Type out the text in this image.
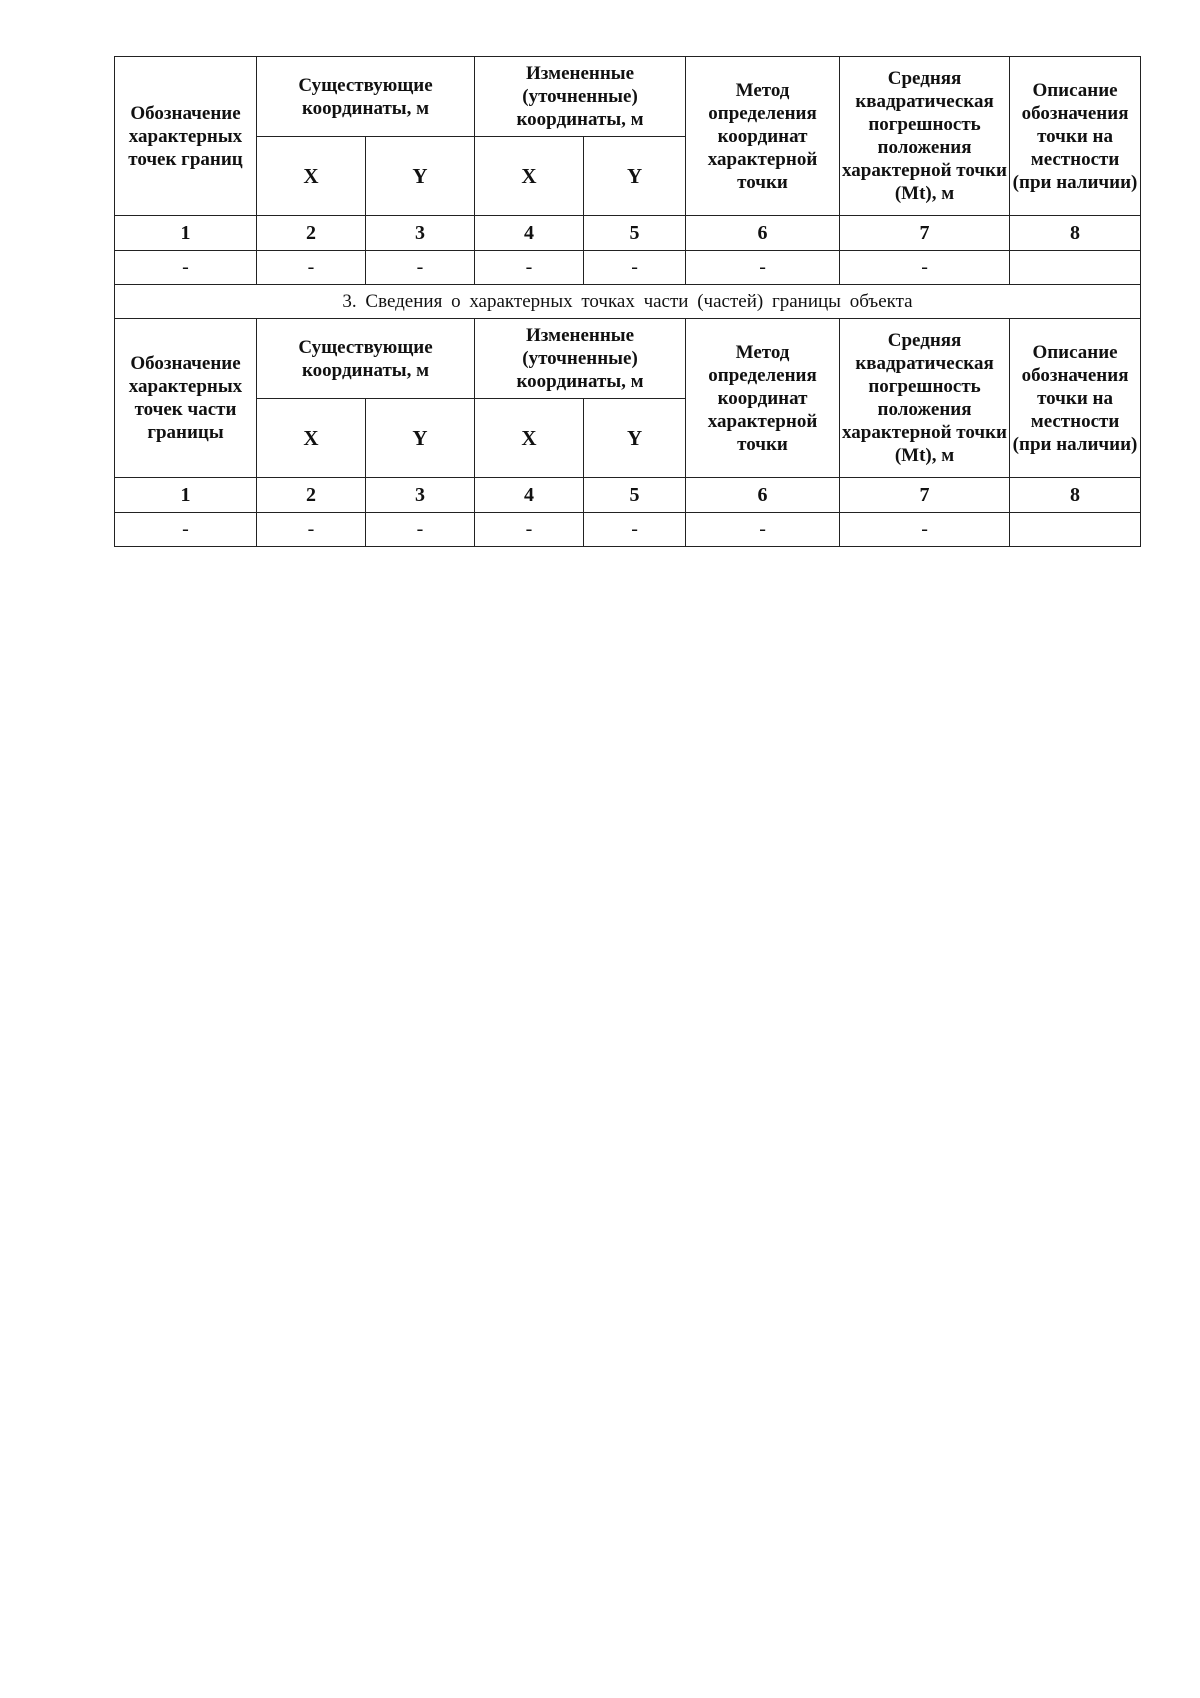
Обозначение характерных точек границ	Существующие координаты, м		Измененные (уточненные) координаты, м		Метод определения координат характерной точки	Средняя квадратическая погрешность положения характерной точки (Mt), м	Описание обозначения точки на местности (при наличии)
	X	Y	X	Y			
1	2	3	4	5	6	7	8
-	-	-	-	-	-	-	
3. Сведения о характерных точках части (частей) границы объекта							
Обозначение характерных точек части границы	Существующие координаты, м		Измененные (уточненные) координаты, м		Метод определения координат характерной точки	Средняя квадратическая погрешность положения характерной точки (Mt), м	Описание обозначения точки на местности (при наличии)
	X	Y	X	Y			
1	2	3	4	5	6	7	8
-	-	-	-	-	-	-	
